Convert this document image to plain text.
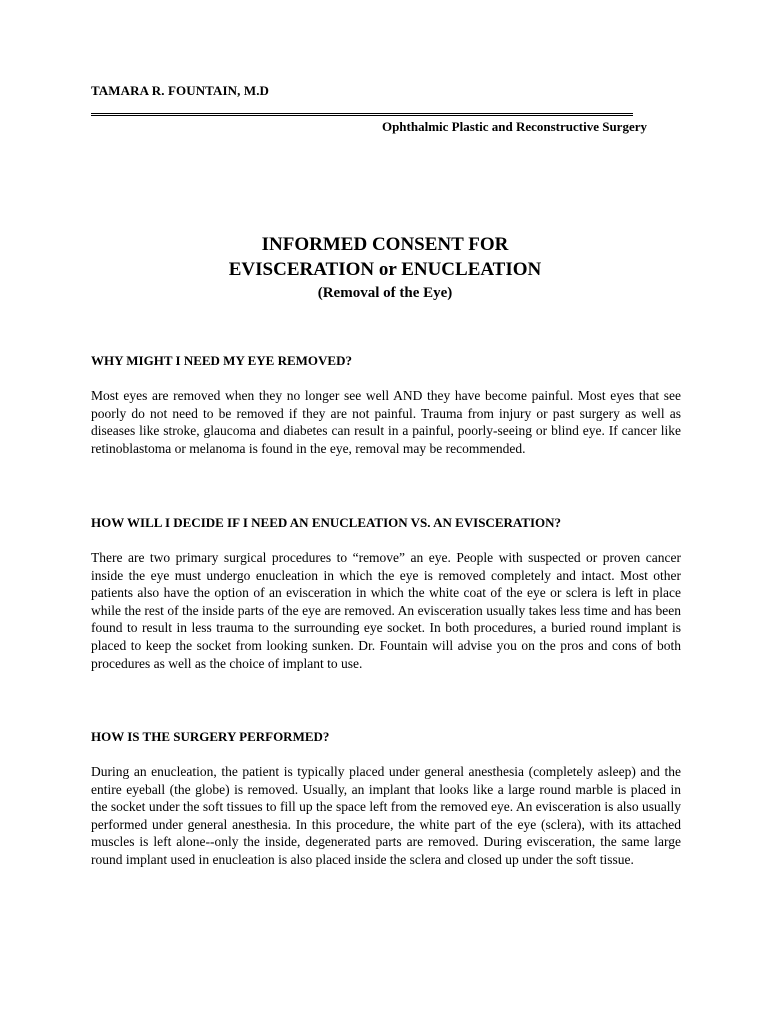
TAMARA R. FOUNTAIN, M.D
Ophthalmic Plastic and Reconstructive Surgery
INFORMED CONSENT FOR
EVISCERATION or ENUCLEATION
(Removal of the Eye)
WHY MIGHT I NEED MY EYE REMOVED?

Most eyes are removed when they no longer see well AND they have become painful. Most eyes that see poorly do not need to be removed if they are not painful. Trauma from injury or past surgery as well as diseases like stroke, glaucoma and diabetes can result in a painful, poorly-seeing or blind eye. If cancer like retinoblastoma or melanoma is found in the eye, removal may be recommended.

HOW WILL I DECIDE IF I NEED AN ENUCLEATION VS. AN EVISCERATION?

There are two primary surgical procedures to “remove” an eye. People with suspected or proven cancer inside the eye must undergo enucleation in which the eye is removed completely and intact. Most other patients also have the option of an evisceration in which the white coat of the eye or sclera is left in place while the rest of the inside parts of the eye are removed. An evisceration usually takes less time and has been found to result in less trauma to the surrounding eye socket. In both procedures, a buried round implant is placed to keep the socket from looking sunken. Dr. Fountain will advise you on the pros and cons of both procedures as well as the choice of implant to use.

HOW IS THE SURGERY PERFORMED?

During an enucleation, the patient is typically placed under general anesthesia (completely asleep) and the entire eyeball (the globe) is removed. Usually, an implant that looks like a large round marble is placed in the socket under the soft tissues to fill up the space left from the removed eye. An evisceration is also usually performed under general anesthesia. In this procedure, the white part of the eye (sclera), with its attached muscles is left alone--only the inside, degenerated parts are removed. During evisceration, the same large round implant used in enucleation is also placed inside the sclera and closed up under the soft tissue.
